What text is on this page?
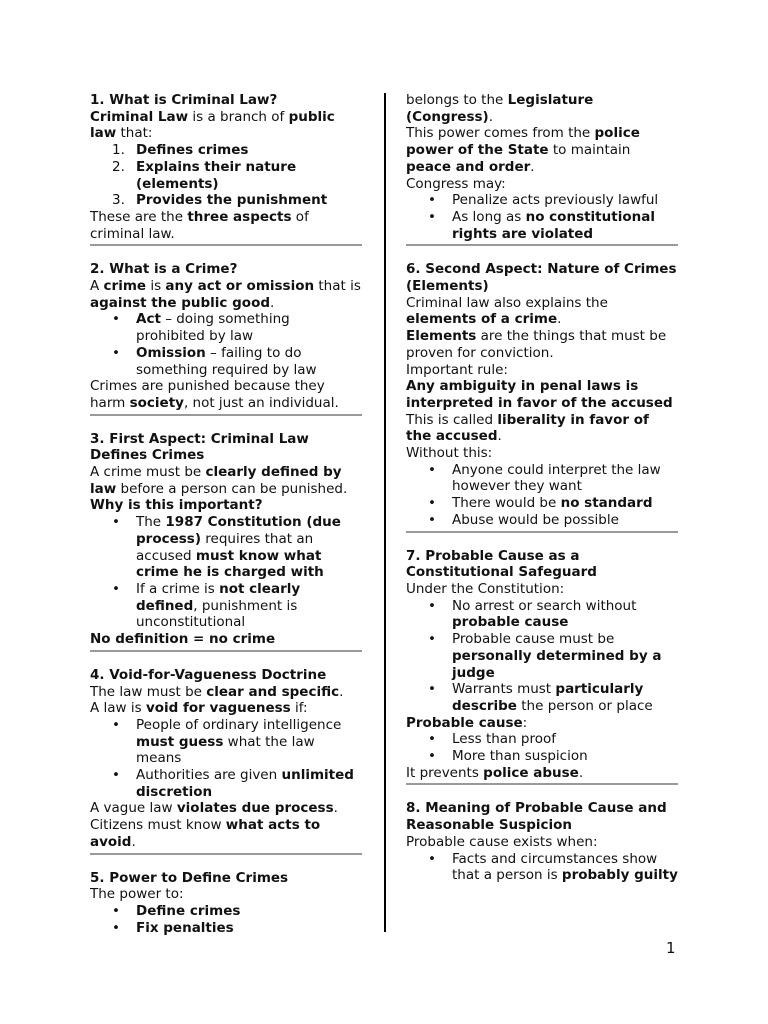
1. What is Criminal Law?
Criminal Law is a branch of public law that:
1. Defines crimes
2. Explains their nature (elements)
3. Provides the punishment
These are the three aspects of criminal law.
2. What is a Crime?
A crime is any act or omission that is against the public good.
•	Act – doing something prohibited by law
•	Omission – failing to do something required by law
Crimes are punished because they harm society, not just an individual.
3. First Aspect: Criminal Law Defines Crimes
A crime must be clearly defined by law before a person can be punished.
Why is this important?
•	The 1987 Constitution (due process) requires that an accused must know what crime he is charged with
•	If a crime is not clearly defined, punishment is unconstitutional
No definition = no crime
4. Void-for-Vagueness Doctrine
The law must be clear and specific.
A law is void for vagueness if:
•	People of ordinary intelligence must guess what the law means
•	Authorities are given unlimited discretion
A vague law violates due process.
Citizens must know what acts to avoid.
5. Power to Define Crimes
The power to:
•	Define crimes
•	Fix penalties
belongs to the Legislature (Congress).
This power comes from the police power of the State to maintain peace and order.
Congress may:
•	Penalize acts previously lawful
•	As long as no constitutional rights are violated
6. Second Aspect: Nature of Crimes (Elements)
Criminal law also explains the elements of a crime.
Elements are the things that must be proven for conviction.
Important rule:
Any ambiguity in penal laws is interpreted in favor of the accused
This is called liberality in favor of the accused.
Without this:
•	Anyone could interpret the law however they want
•	There would be no standard
•	Abuse would be possible
7. Probable Cause as a Constitutional Safeguard
Under the Constitution:
•	No arrest or search without probable cause
•	Probable cause must be personally determined by a judge
•	Warrants must particularly describe the person or place
Probable cause:
•	Less than proof
•	More than suspicion
It prevents police abuse.
8. Meaning of Probable Cause and Reasonable Suspicion
Probable cause exists when:
•	Facts and circumstances show that a person is probably guilty
1
